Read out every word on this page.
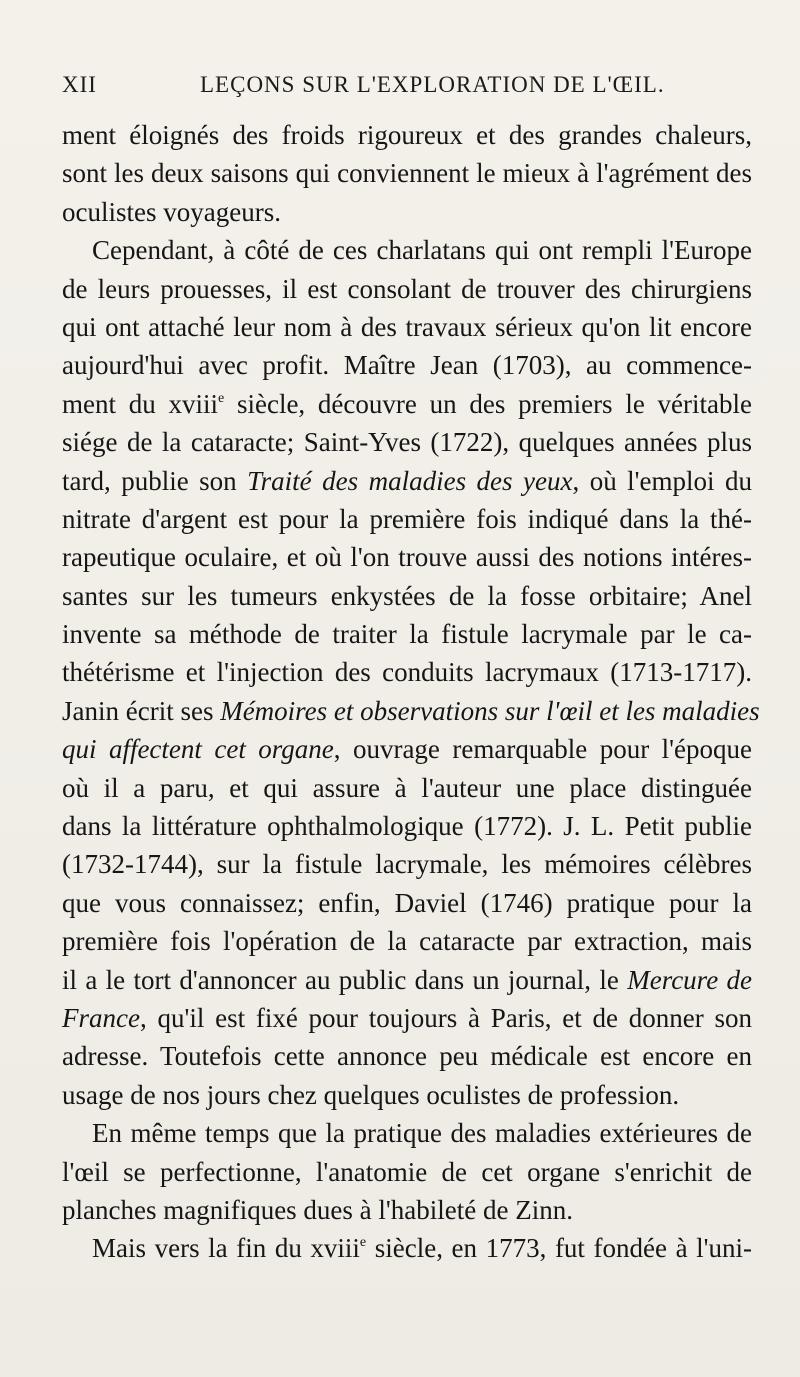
XII	LEÇONS SUR L'EXPLORATION DE L'ŒIL.
ment éloignés des froids rigoureux et des grandes chaleurs,
sont les deux saisons qui conviennent le mieux à l'agrément des
oculistes voyageurs.
Cependant, à côté de ces charlatans qui ont rempli l'Europe
de leurs prouesses, il est consolant de trouver des chirurgiens
qui ont attaché leur nom à des travaux sérieux qu'on lit encore
aujourd'hui avec profit. Maître Jean (1703), au commence-
ment du xviii$^e$ siècle, découvre un des premiers le véritable
siége de la cataracte; Saint-Yves (1722), quelques années plus
tard, publie son Traité des maladies des yeux, où l'emploi du
nitrate d'argent est pour la première fois indiqué dans la thé-
rapeutique oculaire, et où l'on trouve aussi des notions intéres-
santes sur les tumeurs enkystées de la fosse orbitaire; Anel
invente sa méthode de traiter la fistule lacrymale par le ca-
thétérisme et l'injection des conduits lacrymaux (1713-1717).
Janin écrit ses Mémoires et observations sur l'œil et les maladies
qui affectent cet organe, ouvrage remarquable pour l'époque
où il a paru, et qui assure à l'auteur une place distinguée
dans la littérature ophthalmologique (1772). J. L. Petit publie
(1732-1744), sur la fistule lacrymale, les mémoires célèbres
que vous connaissez; enfin, Daviel (1746) pratique pour la
première fois l'opération de la cataracte par extraction, mais
il a le tort d'annoncer au public dans un journal, le Mercure de
France, qu'il est fixé pour toujours à Paris, et de donner son
adresse. Toutefois cette annonce peu médicale est encore en
usage de nos jours chez quelques oculistes de profession.
En même temps que la pratique des maladies extérieures de
l'œil se perfectionne, l'anatomie de cet organe s'enrichit de
planches magnifiques dues à l'habileté de Zinn.
Mais vers la fin du xviii$^e$ siècle, en 1773, fut fondée à l'uni-
